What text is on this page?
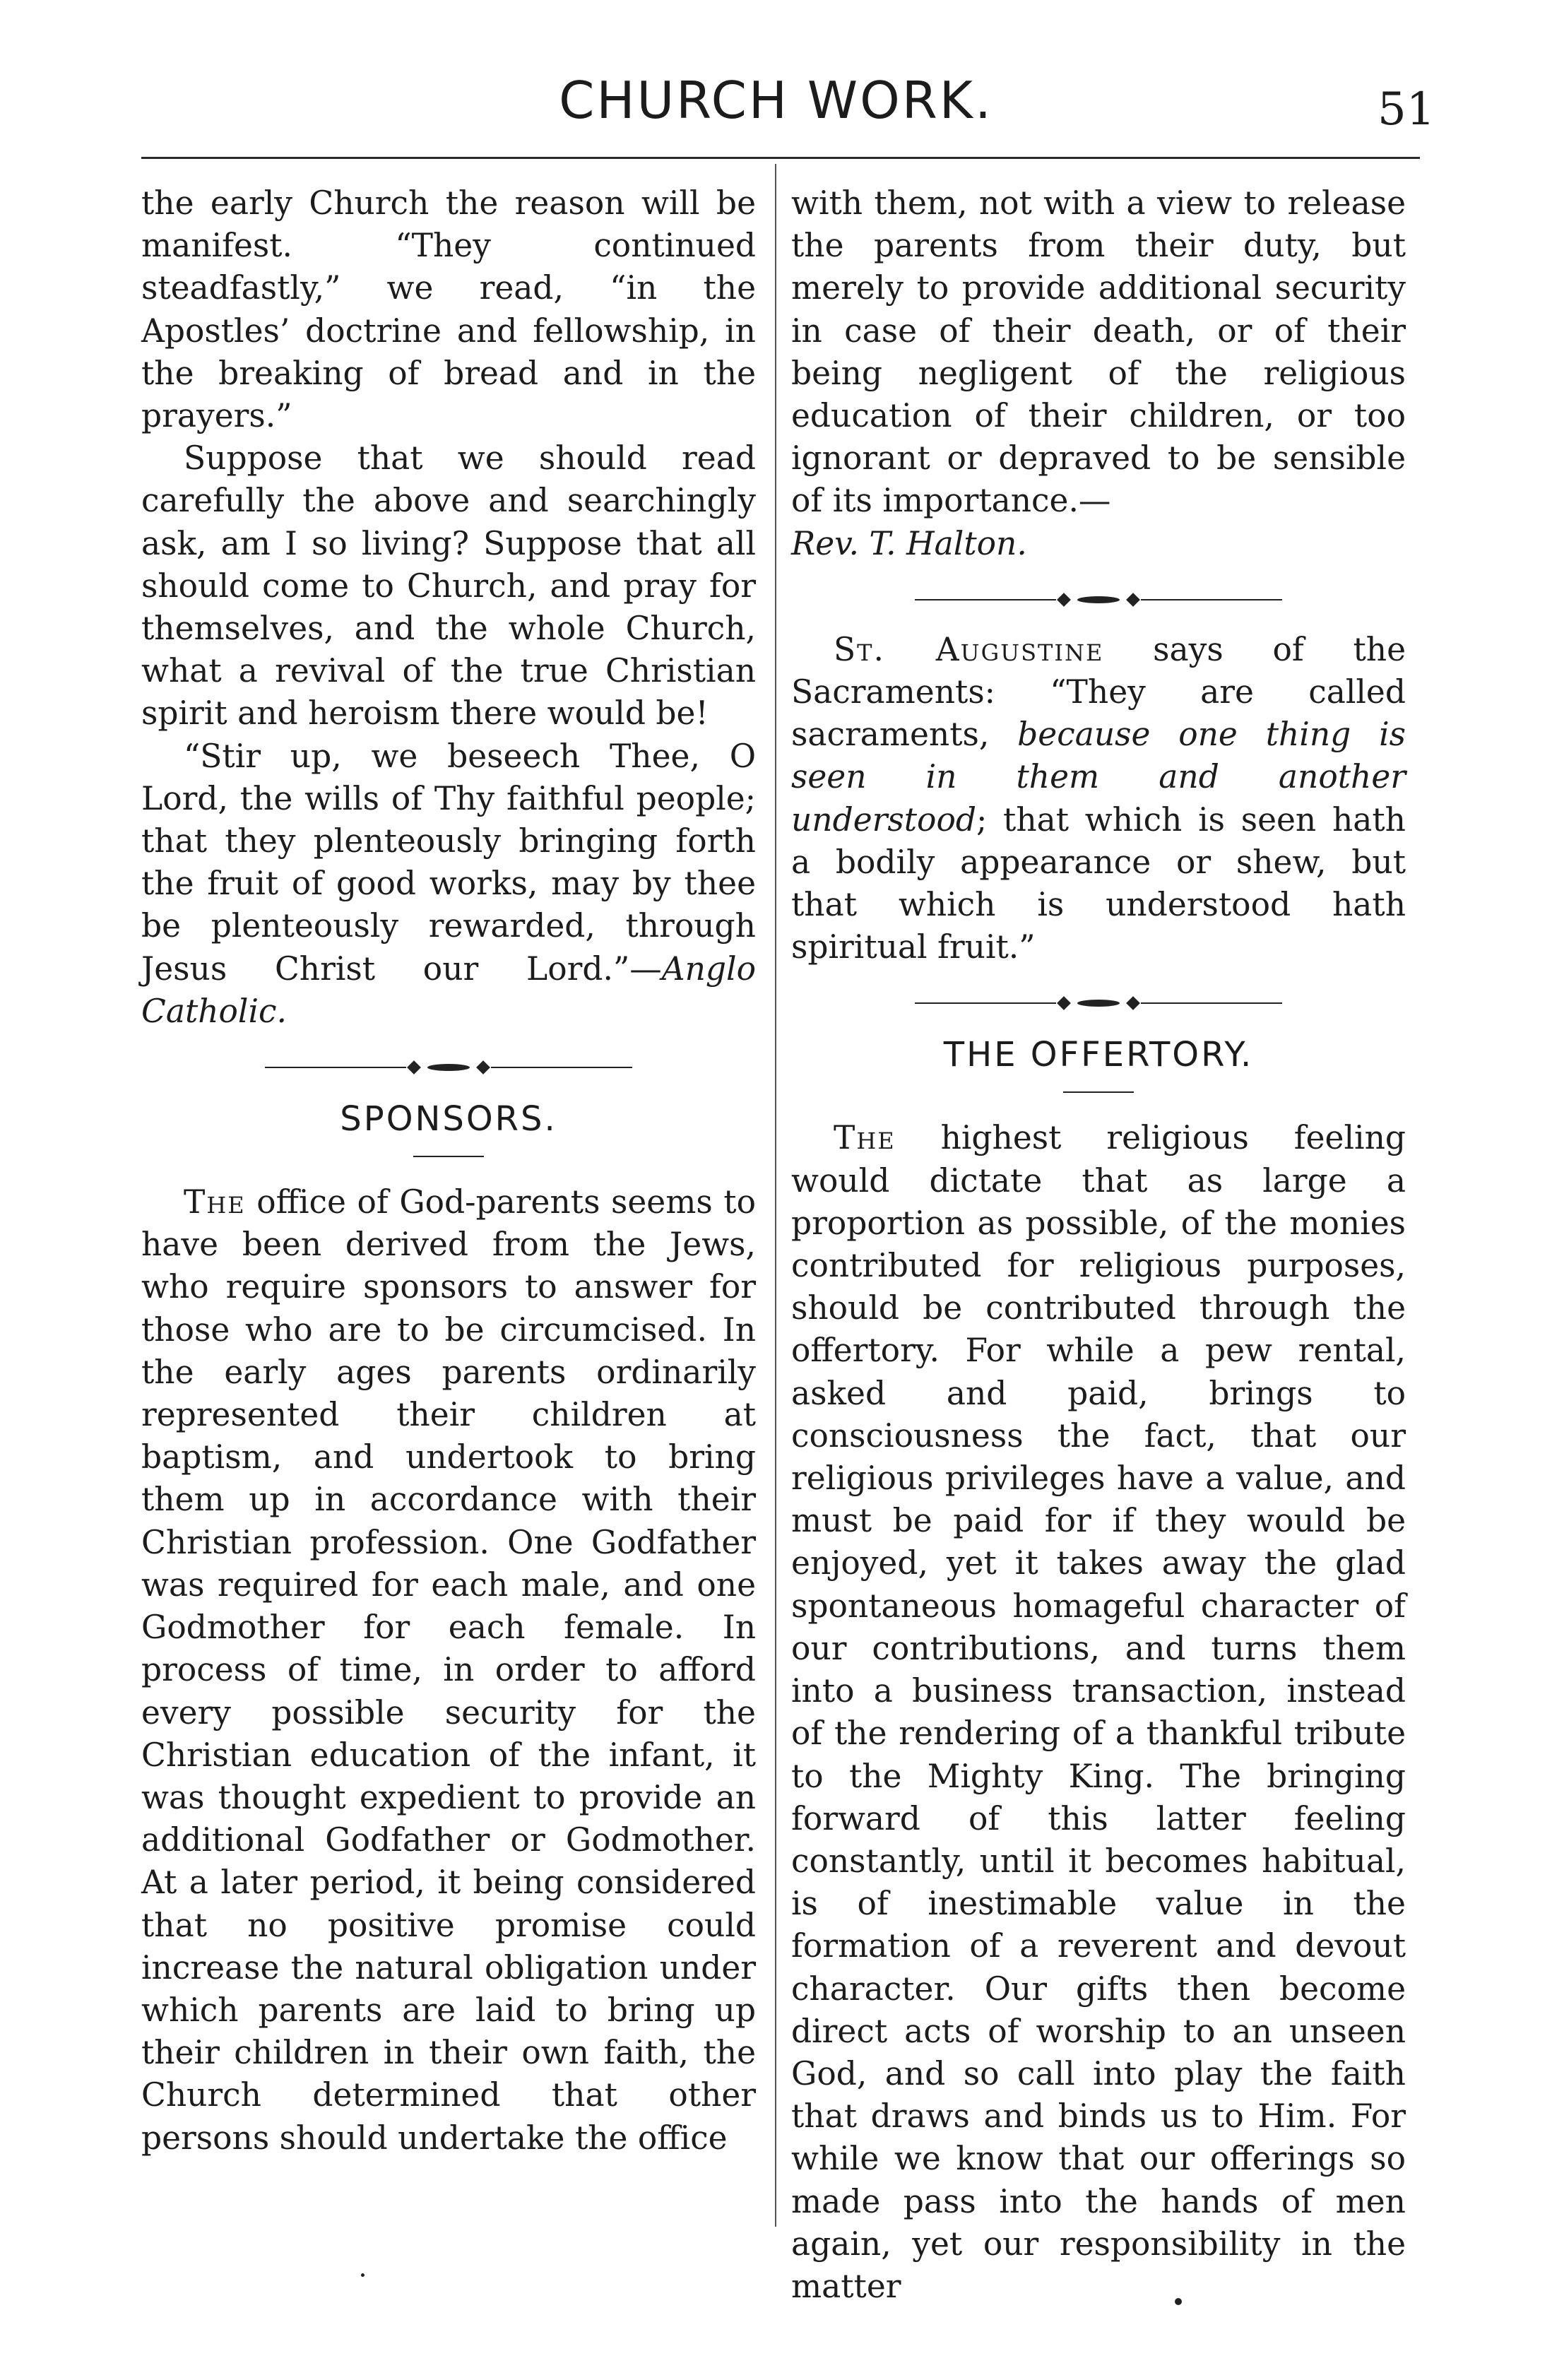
CHURCH WORK.	51

the early Church the reason will be manifest. “They continued steadfastly,” we read, “in the Apostles’ doctrine and fellowship, in the breaking of bread and in the prayers.”

Suppose that we should read carefully the above and searchingly ask, am I so living? Suppose that all should come to Church, and pray for themselves, and the whole Church, what a revival of the true Christian spirit and heroism there would be!

“Stir up, we beseech Thee, O Lord, the wills of Thy faithful people; that they plenteously bringing forth the fruit of good works, may by thee be plenteously rewarded, through Jesus Christ our Lord.”—Anglo Catholic.

SPONSORS.

The office of God-parents seems to have been derived from the Jews, who require sponsors to answer for those who are to be circumcised. In the early ages parents ordinarily represented their children at baptism, and undertook to bring them up in accordance with their Christian profession. One Godfather was required for each male, and one Godmother for each female. In process of time, in order to afford every possible security for the Christian education of the infant, it was thought expedient to provide an additional Godfather or Godmother. At a later period, it being considered that no positive promise could increase the natural obligation under which parents are laid to bring up their children in their own faith, the Church determined that other persons should undertake the office

with them, not with a view to release the parents from their duty, but merely to provide additional security in case of their death, or of their being negligent of the religious education of their children, or too ignorant or depraved to be sensible of its importance.—

Rev. T. Halton.

St. Augustine says of the Sacraments: “They are called sacraments, because one thing is seen in them and another understood; that which is seen hath a bodily appearance or shew, but that which is understood hath spiritual fruit.”

THE OFFERTORY.

The highest religious feeling would dictate that as large a proportion as possible, of the monies contributed for religious purposes, should be contributed through the offertory. For while a pew rental, asked and paid, brings to consciousness the fact, that our religious privileges have a value, and must be paid for if they would be enjoyed, yet it takes away the glad spontaneous homageful character of our contributions, and turns them into a business transaction, instead of the rendering of a thankful tribute to the Mighty King. The bringing forward of this latter feeling constantly, until it becomes habitual, is of inestimable value in the formation of a reverent and devout character. Our gifts then become direct acts of worship to an unseen God, and so call into play the faith that draws and binds us to Him. For while we know that our offerings so made pass into the hands of men again, yet our responsibility in the matter
